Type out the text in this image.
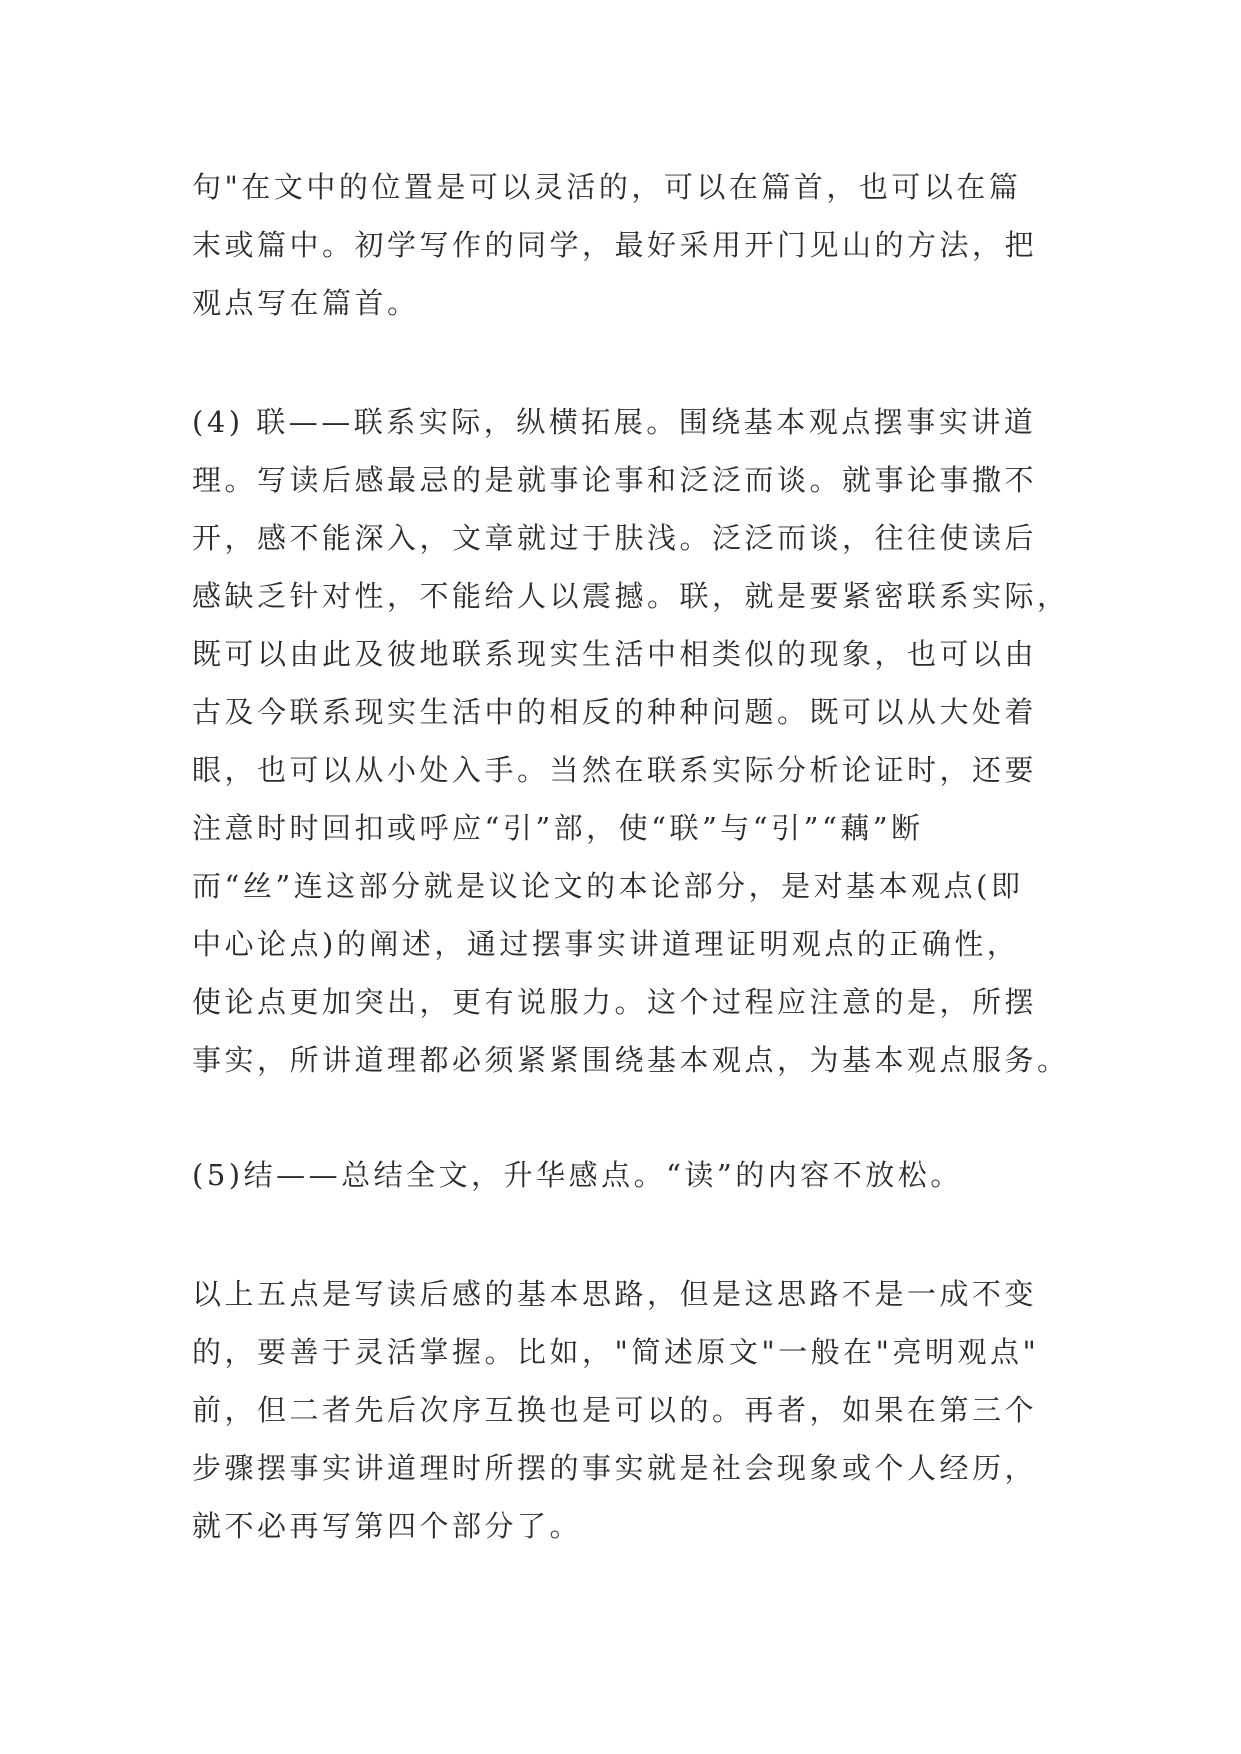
句"在文中的位置是可以灵活的，可以在篇首，也可以在篇
末或篇中。初学写作的同学，最好采用开门见山的方法，把
观点写在篇首。
(4) 联——联系实际，纵横拓展。围绕基本观点摆事实讲道
理。写读后感最忌的是就事论事和泛泛而谈。就事论事撒不
开，感不能深入，文章就过于肤浅。泛泛而谈，往往使读后
感缺乏针对性，不能给人以震撼。联，就是要紧密联系实际，
既可以由此及彼地联系现实生活中相类似的现象，也可以由
古及今联系现实生活中的相反的种种问题。既可以从大处着
眼，也可以从小处入手。当然在联系实际分析论证时，还要
注意时时回扣或呼应“引”部，使“联”与“引”“藕”断
而“丝”连这部分就是议论文的本论部分，是对基本观点(即
中心论点)的阐述，通过摆事实讲道理证明观点的正确性，
使论点更加突出，更有说服力。这个过程应注意的是，所摆
事实，所讲道理都必须紧紧围绕基本观点，为基本观点服务。
(5)结——总结全文，升华感点。“读”的内容不放松。
以上五点是写读后感的基本思路，但是这思路不是一成不变
的，要善于灵活掌握。比如，"简述原文"一般在"亮明观点"
前，但二者先后次序互换也是可以的。再者，如果在第三个
步骤摆事实讲道理时所摆的事实就是社会现象或个人经历，
就不必再写第四个部分了。
